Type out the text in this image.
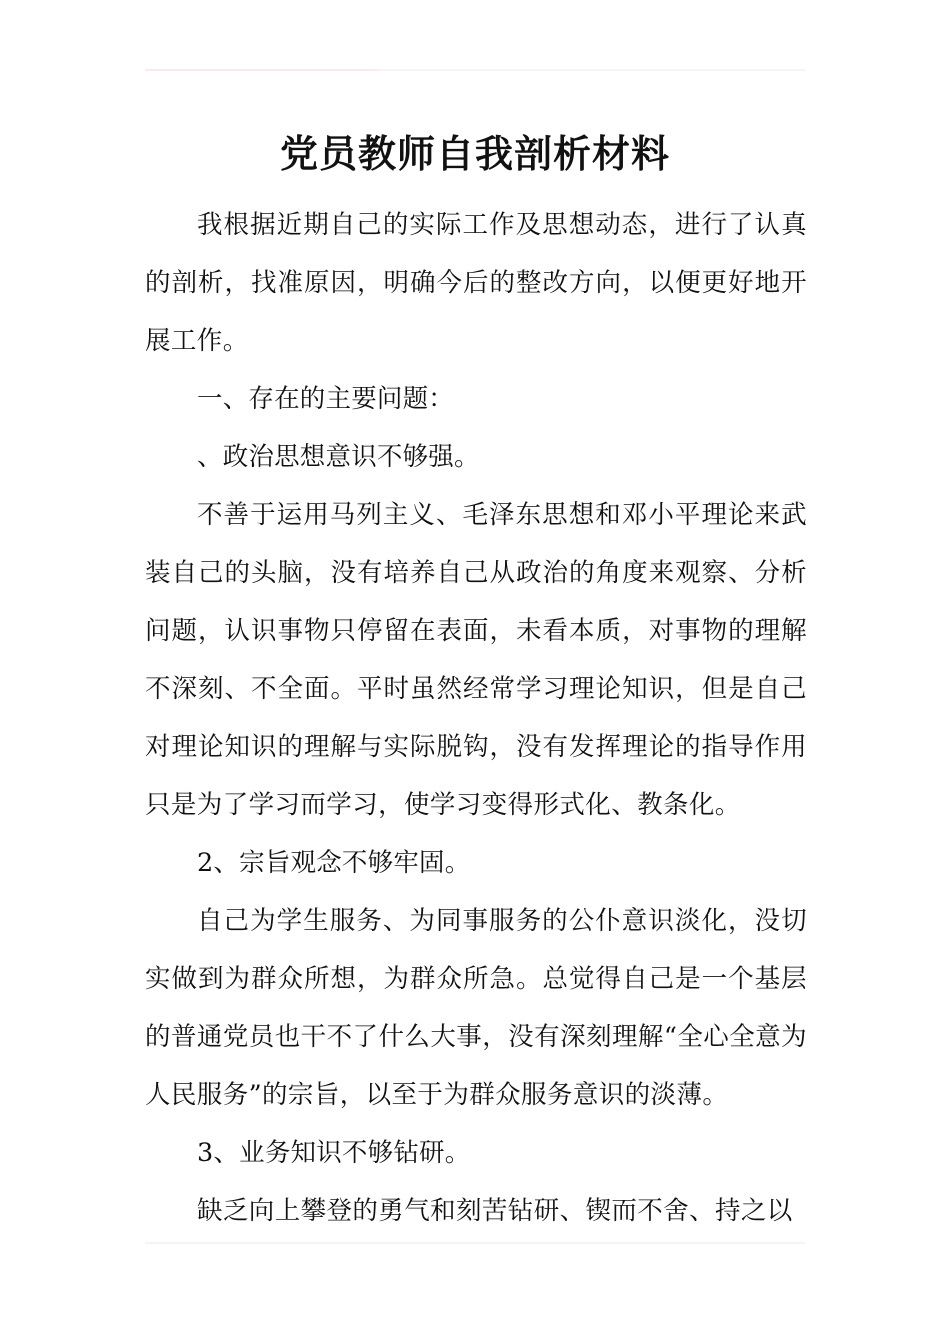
党员教师自我剖析材料

我根据近期自己的实际工作及思想动态，进行了认真的剖析，找准原因，明确今后的整改方向，以便更好地开展工作。

一、存在的主要问题：

、政治思想意识不够强。

不善于运用马列主义、毛泽东思想和邓小平理论来武装自己的头脑，没有培养自己从政治的角度来观察、分析问题，认识事物只停留在表面，未看本质，对事物的理解不深刻、不全面。平时虽然经常学习理论知识，但是自己对理论知识的理解与实际脱钩，没有发挥理论的指导作用只是为了学习而学习，使学习变得形式化、教条化。

2、宗旨观念不够牢固。

自己为学生服务、为同事服务的公仆意识淡化，没切实做到为群众所想，为群众所急。总觉得自己是一个基层的普通党员也干不了什么大事，没有深刻理解“全心全意为人民服务”的宗旨，以至于为群众服务意识的淡薄。

3、业务知识不够钻研。

缺乏向上攀登的勇气和刻苦钻研、锲而不舍、持之以
